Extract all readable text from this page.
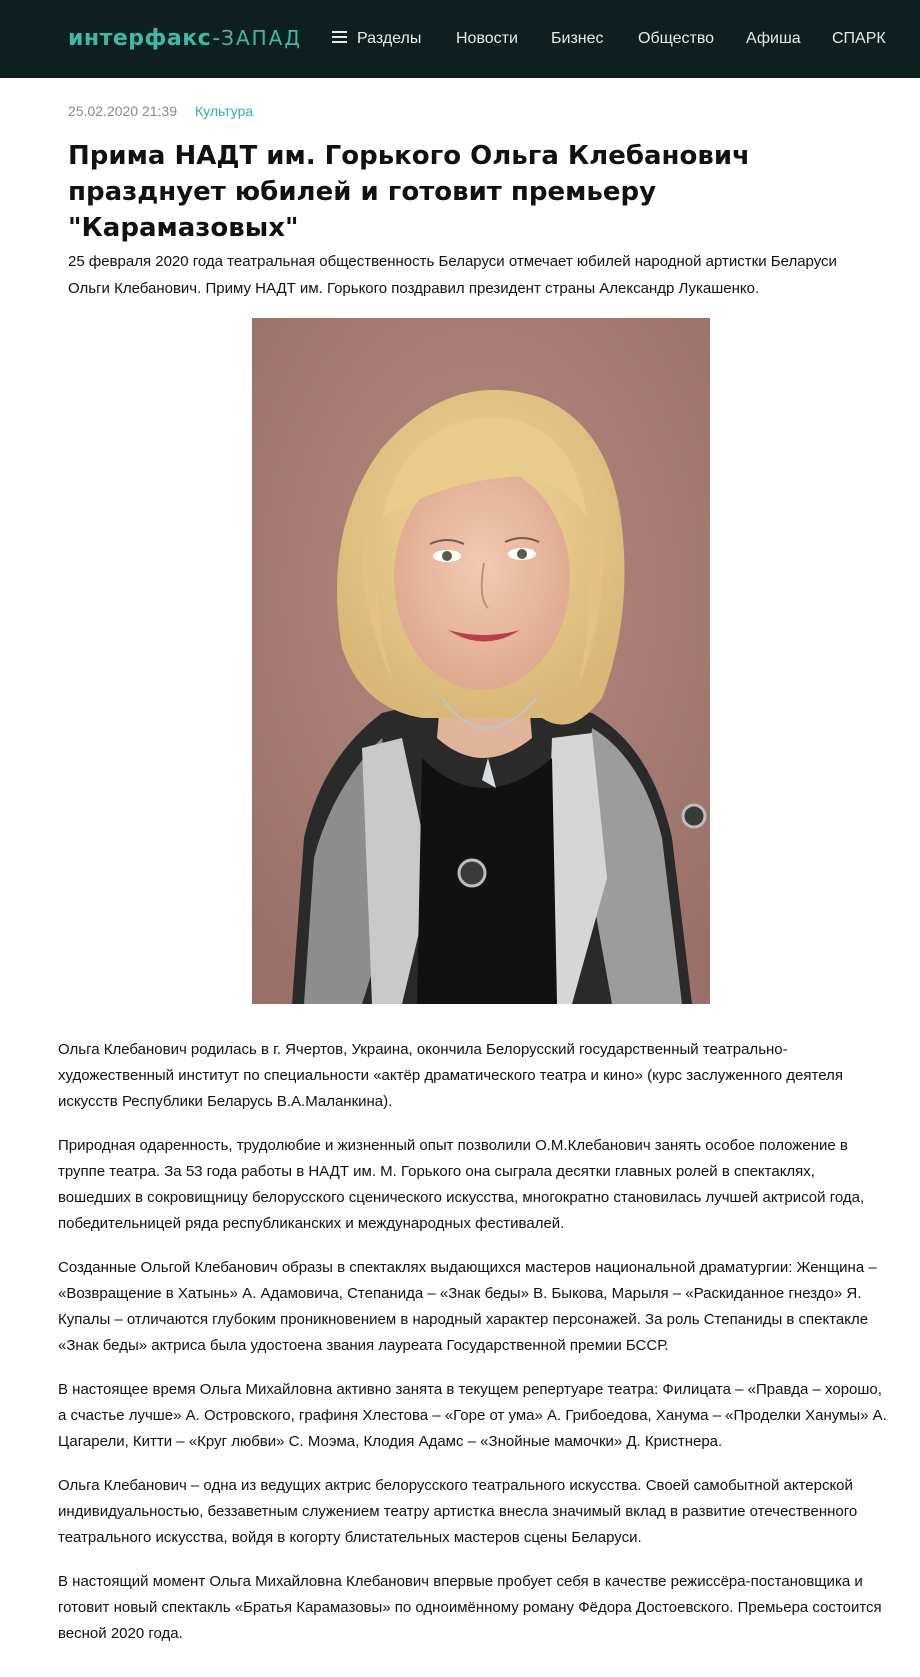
интерфакс - ЗАПАД	Разделы Новости Бизнес Общество Афиша СПАРК
25.02.2020 21:39 Культура
Прима НАДТ им. Горького Ольга Клебанович празднует юбилей и готовит премьеру "Карамазовых"

25 февраля 2020 года театральная общественность Беларуси отмечает юбилей народной артистки Беларуси Ольги Клебанович. Приму НАДТ им. Горького поздравил президент страны Александр Лукашенко.

Ольга Клебанович родилась в г. Ячертов, Украина, окончила Белорусский государственный театрально-художественный институт по специальности «актёр драматического театра и кино» (курс заслуженного деятеля искусств Республики Беларусь В.А.Маланкина).

Природная одаренность, трудолюбие и жизненный опыт позволили О.М.Клебанович занять особое положение в труппе театра. За 53 года работы в НАДТ им. М. Горького она сыграла десятки главных ролей в спектаклях, вошедших в сокровищницу белорусского сценического искусства, многократно становилась лучшей актрисой года, победительницей ряда республиканских и международных фестивалей.

Созданные Ольгой Клебанович образы в спектаклях выдающихся мастеров национальной драматургии: Женщина – «Возвращение в Хатынь» А. Адамовича, Степанида – «Знак беды» В. Быкова, Марыля – «Раскиданное гнездо» Я. Купалы – отличаются глубоким проникновением в народный характер персонажей. За роль Степаниды в спектакле «Знак беды» актриса была удостоена звания лауреата Государственной премии БССР.

В настоящее время Ольга Михайловна активно занята в текущем репертуаре театра: Филицата – «Правда – хорошо, а счастье лучше» А. Островского, графиня Хлестова – «Горе от ума» А. Грибоедова, Ханума – «Проделки Ханумы» А. Цагарели, Китти – «Круг любви» С. Моэма, Клодия Адамс – «Знойные мамочки» Д. Кристнера.

Ольга Клебанович – одна из ведущих актрис белорусского театрального искусства. Своей самобытной актерской индивидуальностью, беззаветным служением театру артистка внесла значимый вклад в развитие отечественного театрального искусства, войдя в когорту блистательных мастеров сцены Беларуси.

В настоящий момент Ольга Михайловна Клебанович впервые пробует себя в качестве режиссёра-постановщика и готовит новый спектакль «Братья Карамазовы» по одноимённому роману Фёдора Достоевского. Премьера состоится весной 2020 года.
